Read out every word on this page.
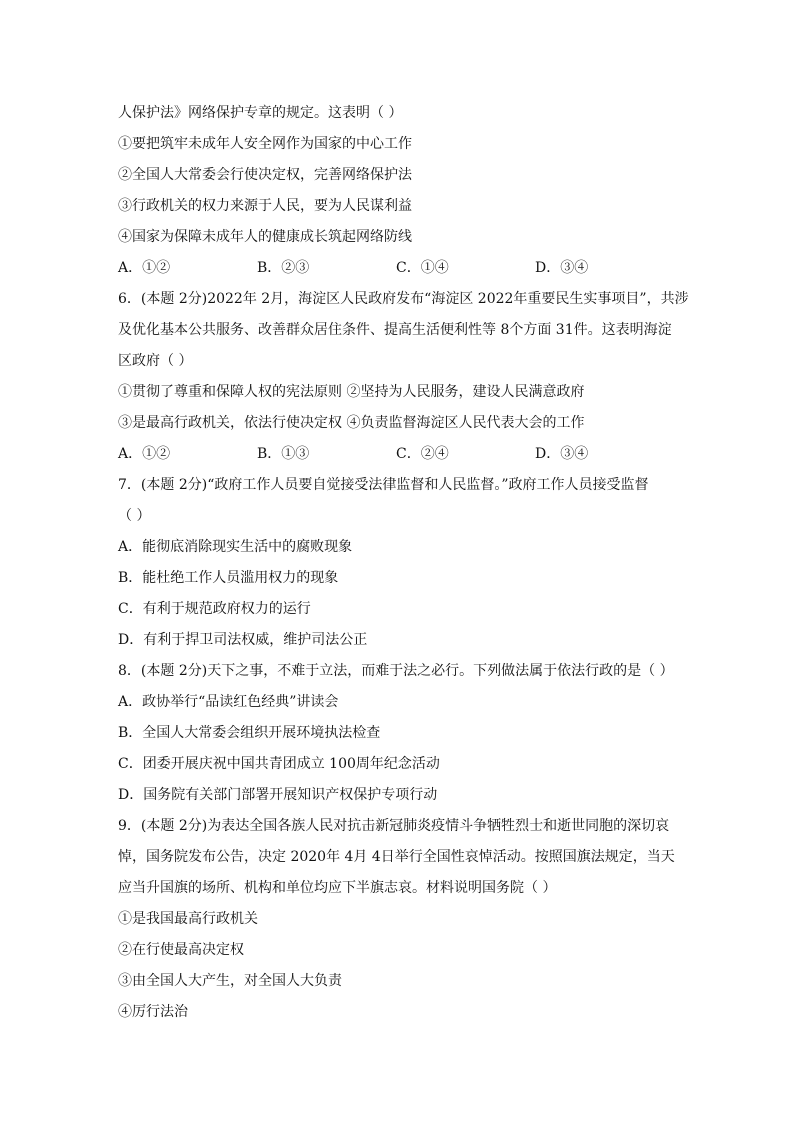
人保护法》网络保护专章的规定。这表明（ ）
①要把筑牢未成年人安全网作为国家的中心工作
②全国人大常委会行使决定权，完善网络保护法
③行政机关的权力来源于人民，要为人民谋利益
④国家为保障未成年人的健康成长筑起网络防线
A．①②	B．②③	C．①④	D．③④
6．(本题 2分)2022年 2月，海淀区人民政府发布“海淀区 2022年重要民生实事项目”，共涉
及优化基本公共服务、改善群众居住条件、提高生活便利性等 8个方面 31件。这表明海淀
区政府（ ）
①贯彻了尊重和保障人权的宪法原则 ②坚持为人民服务，建设人民满意政府
③是最高行政机关，依法行使决定权 ④负责监督海淀区人民代表大会的工作
A．①②	B．①③	C．②④	D．③④
7．(本题 2分)“政府工作人员要自觉接受法律监督和人民监督。”政府工作人员接受监督
（ ）
A．能彻底消除现实生活中的腐败现象
B．能杜绝工作人员滥用权力的现象
C．有利于规范政府权力的运行
D．有利于捍卫司法权威，维护司法公正
8．(本题 2分)天下之事，不难于立法，而难于法之必行。下列做法属于依法行政的是（ ）
A．政协举行“品读红色经典”讲读会
B．全国人大常委会组织开展环境执法检查
C．团委开展庆祝中国共青团成立 100周年纪念活动
D．国务院有关部门部署开展知识产权保护专项行动
9．(本题 2分)为表达全国各族人民对抗击新冠肺炎疫情斗争牺牲烈士和逝世同胞的深切哀
悼，国务院发布公告，决定 2020年 4月 4日举行全国性哀悼活动。按照国旗法规定，当天
应当升国旗的场所、机构和单位均应下半旗志哀。材料说明国务院（ ）
①是我国最高行政机关
②在行使最高决定权
③由全国人大产生，对全国人大负责
④厉行法治
